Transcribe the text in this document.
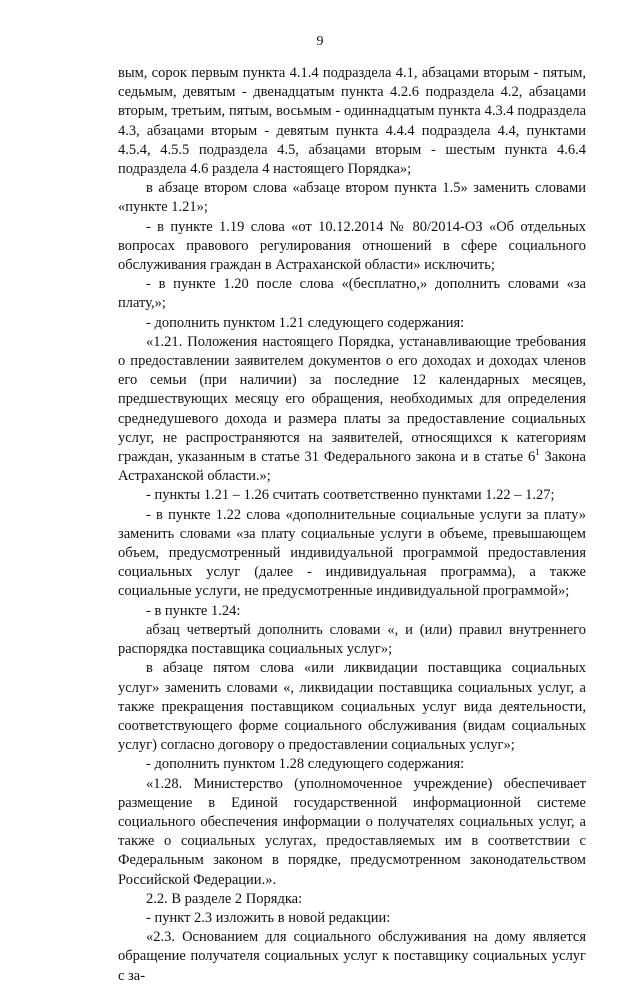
9

вым, сорок первым пункта 4.1.4 подраздела 4.1, абзацами вторым - пятым, седьмым, девятым - двенадцатым пункта 4.2.6 подраздела 4.2, абзацами вторым, третьим, пятым, восьмым - одиннадцатым пункта 4.3.4 подраздела 4.3, абзацами вторым - девятым пункта 4.4.4 подраздела 4.4, пунктами 4.5.4, 4.5.5 подраздела 4.5, абзацами вторым - шестым пункта 4.6.4 подраздела 4.6 раздела 4 настоящего Порядка»;

в абзаце втором слова «абзаце втором пункта 1.5» заменить словами «пункте 1.21»;

- в пункте 1.19 слова «от 10.12.2014 № 80/2014-ОЗ «Об отдельных вопросах правового регулирования отношений в сфере социального обслуживания граждан в Астраханской области» исключить;

- в пункте 1.20 после слова «(бесплатно,» дополнить словами «за плату,»;

- дополнить пунктом 1.21 следующего содержания:

«1.21. Положения настоящего Порядка, устанавливающие требования о предоставлении заявителем документов о его доходах и доходах членов его семьи (при наличии) за последние 12 календарных месяцев, предшествующих месяцу его обращения, необходимых для определения среднедушевого дохода и размера платы за предоставление социальных услуг, не распространяются на заявителей, относящихся к категориям граждан, указанным в статье 31 Федерального закона и в статье $6^1$ Закона Астраханской области.»;

- пункты 1.21 – 1.26 считать соответственно пунктами 1.22 – 1.27;

- в пункте 1.22 слова «дополнительные социальные услуги за плату» заменить словами «за плату социальные услуги в объеме, превышающем объем, предусмотренный индивидуальной программой предоставления социальных услуг (далее - индивидуальная программа), а также социальные услуги, не предусмотренные индивидуальной программой»;

- в пункте 1.24:

абзац четвертый дополнить словами «, и (или) правил внутреннего распорядка поставщика социальных услуг»;

в абзаце пятом слова «или ликвидации поставщика социальных услуг» заменить словами «, ликвидации поставщика социальных услуг, а также прекращения поставщиком социальных услуг вида деятельности, соответствующего форме социального обслуживания (видам социальных услуг) согласно договору о предоставлении социальных услуг»;

- дополнить пунктом 1.28 следующего содержания:

«1.28. Министерство (уполномоченное учреждение) обеспечивает размещение в Единой государственной информационной системе социального обеспечения информации о получателях социальных услуг, а также о социальных услугах, предоставляемых им в соответствии с Федеральным законом в порядке, предусмотренном законодательством Российской Федерации.».

2.2. В разделе 2 Порядка:

- пункт 2.3 изложить в новой редакции:

«2.3. Основанием для социального обслуживания на дому является обращение получателя социальных услуг к поставщику социальных услуг с за-
